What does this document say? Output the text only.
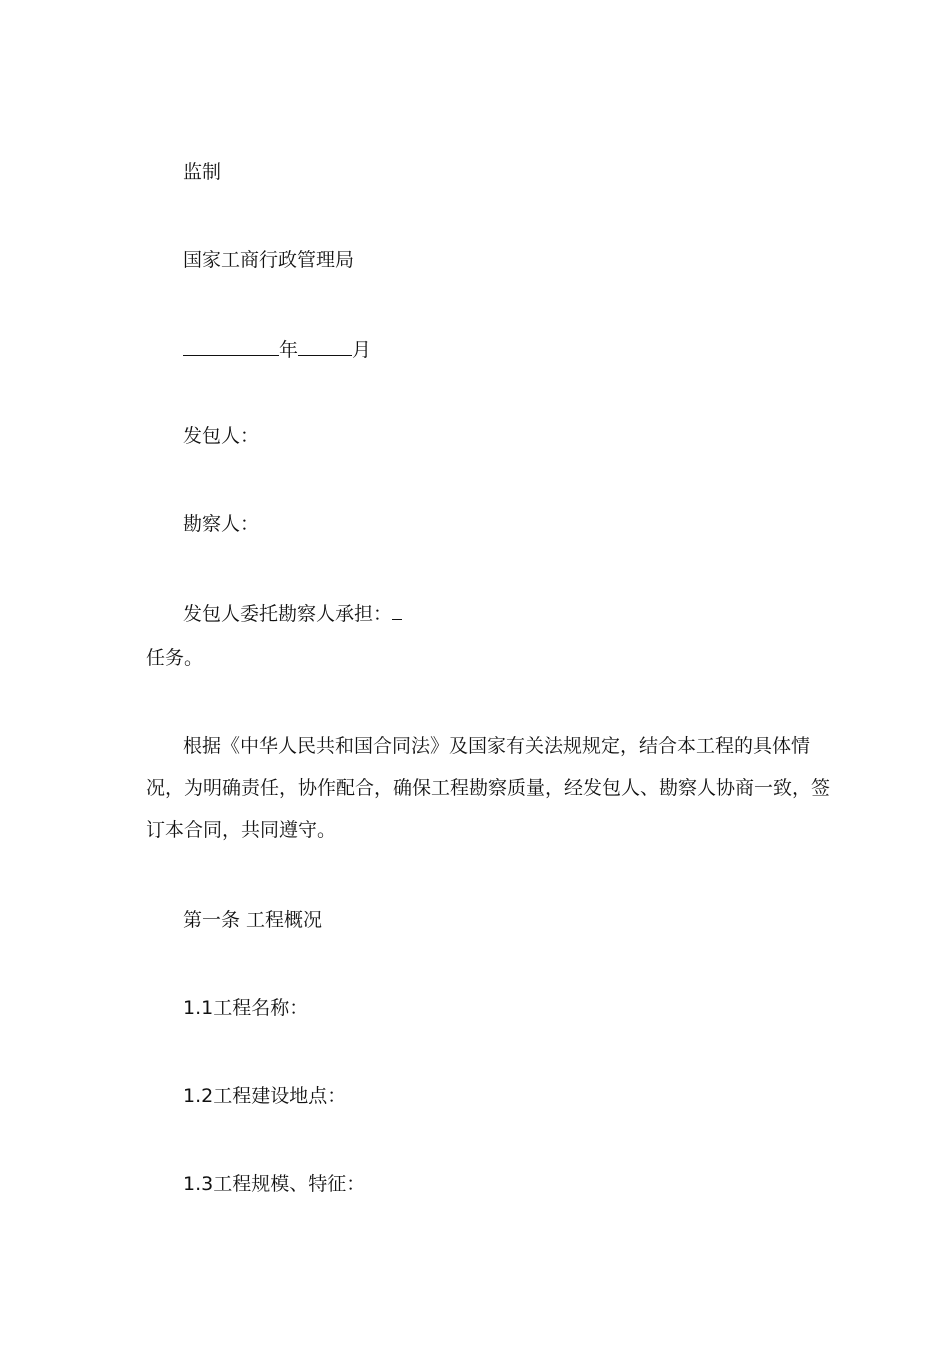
监制
国家工商行政管理局
年	月
发包人：
勘察人：
发包人委托勘察人承担：
任务。
根据《中华人民共和国合同法》及国家有关法规规定，结合本工程的具体情
况，为明确责任，协作配合，确保工程勘察质量，经发包人、勘察人协商一致，签
订本合同，共同遵守。
第一条 工程概况
1.1工程名称：
1.2工程建设地点：
1.3工程规模、特征：
